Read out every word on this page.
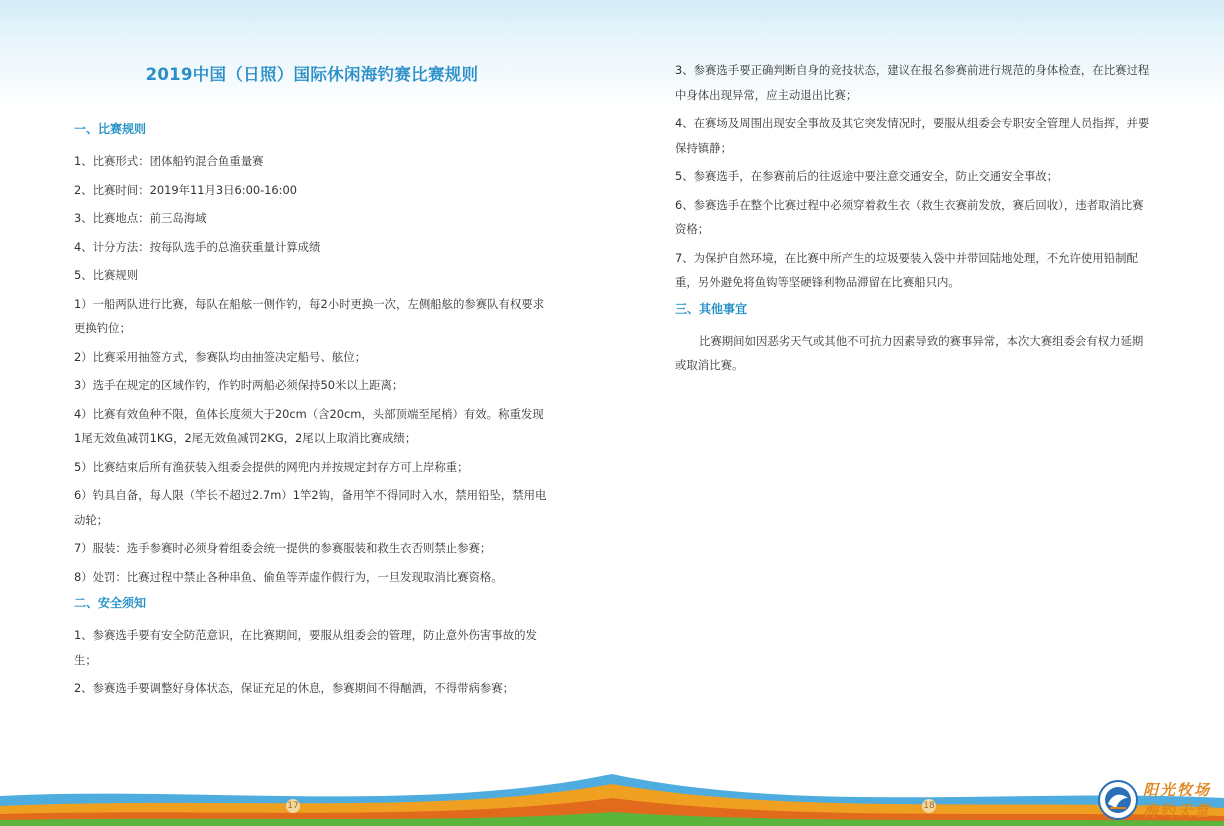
2019中国（日照）国际休闲海钓赛比赛规则
一、比赛规则
1、比赛形式：团体船钓混合鱼重量赛
2、比赛时间：2019年11月3日6:00-16:00
3、比赛地点：前三岛海域
4、计分方法：按每队选手的总渔获重量计算成绩
5、比赛规则
1）一船两队进行比赛，每队在船舷一侧作钓，每2小时更换一次，左侧船舷的参赛队有权要求更换钓位；
2）比赛采用抽签方式，参赛队均由抽签决定船号、舷位；
3）选手在规定的区域作钓，作钓时两船必须保持50米以上距离；
4）比赛有效鱼种不限，鱼体长度须大于20cm（含20cm，头部顶端至尾梢）有效。称重发现1尾无效鱼减罚1KG，2尾无效鱼减罚2KG，2尾以上取消比赛成绩；
5）比赛结束后所有渔获装入组委会提供的网兜内并按规定封存方可上岸称重；
6）钓具自备，每人限（竿长不超过2.7m）1竿2钩，备用竿不得同时入水，禁用铅坠，禁用电动轮；
7）服装：选手参赛时必须身着组委会统一提供的参赛服装和救生衣否则禁止参赛；
8）处罚：比赛过程中禁止各种串鱼、偷鱼等弄虚作假行为，一旦发现取消比赛资格。
二、安全须知
1、参赛选手要有安全防范意识，在比赛期间，要服从组委会的管理，防止意外伤害事故的发生；
2、参赛选手要调整好身体状态，保证充足的休息，参赛期间不得酗酒，不得带病参赛；
3、参赛选手要正确判断自身的竞技状态，建议在报名参赛前进行规范的身体检查，在比赛过程中身体出现异常，应主动退出比赛；
4、在赛场及周围出现安全事故及其它突发情况时，要服从组委会专职安全管理人员指挥，并要保持镇静；
5、参赛选手，在参赛前后的往返途中要注意交通安全，防止交通安全事故；
6、参赛选手在整个比赛过程中必须穿着救生衣（救生衣赛前发放，赛后回收），违者取消比赛资格；
7、为保护自然环境，在比赛中所产生的垃圾要装入袋中并带回陆地处理，不允许使用铅制配重，另外避免将鱼钩等坚硬锋利物品滞留在比赛船只内。
三、其他事宜
比赛期间如因恶劣天气或其他不可抗力因素导致的赛事异常，本次大赛组委会有权力延期或取消比赛。
17	18
阳光牧场
海钓天堂
